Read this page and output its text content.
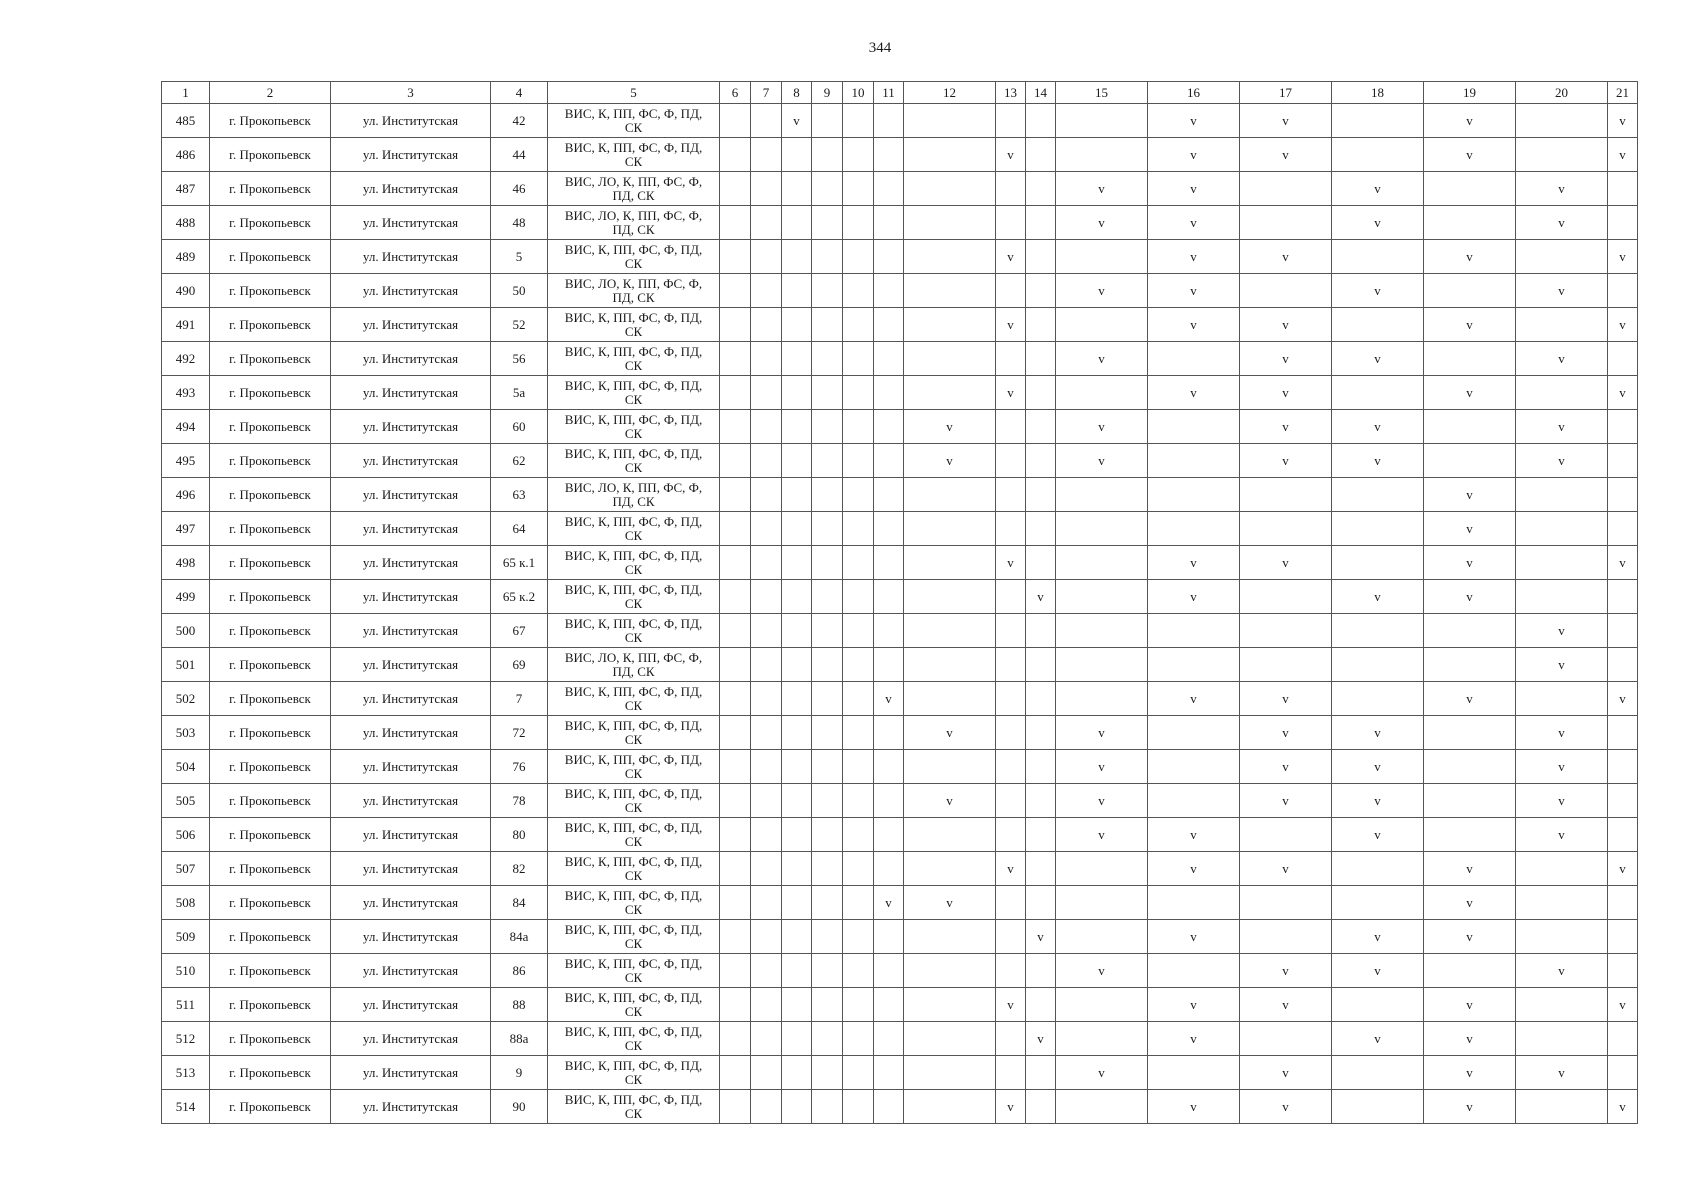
344
1	2	3	4	5	6	7	8	9	10	11	12	13	14	15	16	17	18	19	20	21
485	г. Прокопьевск	ул. Институтская	42	ВИС, К, ПП, ФС, Ф, ПД,
СК			v								v	v		v		v
486	г. Прокопьевск	ул. Институтская	44	ВИС, К, ПП, ФС, Ф, ПД,
СК								v			v	v		v		v
487	г. Прокопьевск	ул. Институтская	46	ВИС, ЛО, К, ПП, ФС, Ф,
ПД, СК										v	v		v		v	
488	г. Прокопьевск	ул. Институтская	48	ВИС, ЛО, К, ПП, ФС, Ф,
ПД, СК										v	v		v		v	
489	г. Прокопьевск	ул. Институтская	5	ВИС, К, ПП, ФС, Ф, ПД,
СК								v			v	v		v		v
490	г. Прокопьевск	ул. Институтская	50	ВИС, ЛО, К, ПП, ФС, Ф,
ПД, СК										v	v		v		v	
491	г. Прокопьевск	ул. Институтская	52	ВИС, К, ПП, ФС, Ф, ПД,
СК								v			v	v		v		v
492	г. Прокопьевск	ул. Институтская	56	ВИС, К, ПП, ФС, Ф, ПД,
СК										v		v	v		v	
493	г. Прокопьевск	ул. Институтская	5а	ВИС, К, ПП, ФС, Ф, ПД,
СК								v			v	v		v		v
494	г. Прокопьевск	ул. Институтская	60	ВИС, К, ПП, ФС, Ф, ПД,
СК							v			v		v	v		v	
495	г. Прокопьевск	ул. Институтская	62	ВИС, К, ПП, ФС, Ф, ПД,
СК							v			v		v	v		v	
496	г. Прокопьевск	ул. Институтская	63	ВИС, ЛО, К, ПП, ФС, Ф,
ПД, СК														v		
497	г. Прокопьевск	ул. Институтская	64	ВИС, К, ПП, ФС, Ф, ПД,
СК														v		
498	г. Прокопьевск	ул. Институтская	65 к.1	ВИС, К, ПП, ФС, Ф, ПД,
СК								v			v	v		v		v
499	г. Прокопьевск	ул. Институтская	65 к.2	ВИС, К, ПП, ФС, Ф, ПД,
СК									v		v		v	v		
500	г. Прокопьевск	ул. Институтская	67	ВИС, К, ПП, ФС, Ф, ПД,
СК															v	
501	г. Прокопьевск	ул. Институтская	69	ВИС, ЛО, К, ПП, ФС, Ф,
ПД, СК															v	
502	г. Прокопьевск	ул. Институтская	7	ВИС, К, ПП, ФС, Ф, ПД,
СК						v					v	v		v		v
503	г. Прокопьевск	ул. Институтская	72	ВИС, К, ПП, ФС, Ф, ПД,
СК							v			v		v	v		v	
504	г. Прокопьевск	ул. Институтская	76	ВИС, К, ПП, ФС, Ф, ПД,
СК										v		v	v		v	
505	г. Прокопьевск	ул. Институтская	78	ВИС, К, ПП, ФС, Ф, ПД,
СК							v			v		v	v		v	
506	г. Прокопьевск	ул. Институтская	80	ВИС, К, ПП, ФС, Ф, ПД,
СК										v	v		v		v	
507	г. Прокопьевск	ул. Институтская	82	ВИС, К, ПП, ФС, Ф, ПД,
СК								v			v	v		v		v
508	г. Прокопьевск	ул. Институтская	84	ВИС, К, ПП, ФС, Ф, ПД,
СК						v	v							v		
509	г. Прокопьевск	ул. Институтская	84а	ВИС, К, ПП, ФС, Ф, ПД,
СК									v		v		v	v		
510	г. Прокопьевск	ул. Институтская	86	ВИС, К, ПП, ФС, Ф, ПД,
СК										v		v	v		v	
511	г. Прокопьевск	ул. Институтская	88	ВИС, К, ПП, ФС, Ф, ПД,
СК								v			v	v		v		v
512	г. Прокопьевск	ул. Институтская	88а	ВИС, К, ПП, ФС, Ф, ПД,
СК									v		v		v	v		
513	г. Прокопьевск	ул. Институтская	9	ВИС, К, ПП, ФС, Ф, ПД,
СК										v		v		v	v	
514	г. Прокопьевск	ул. Институтская	90	ВИС, К, ПП, ФС, Ф, ПД,
СК								v			v	v		v		v
